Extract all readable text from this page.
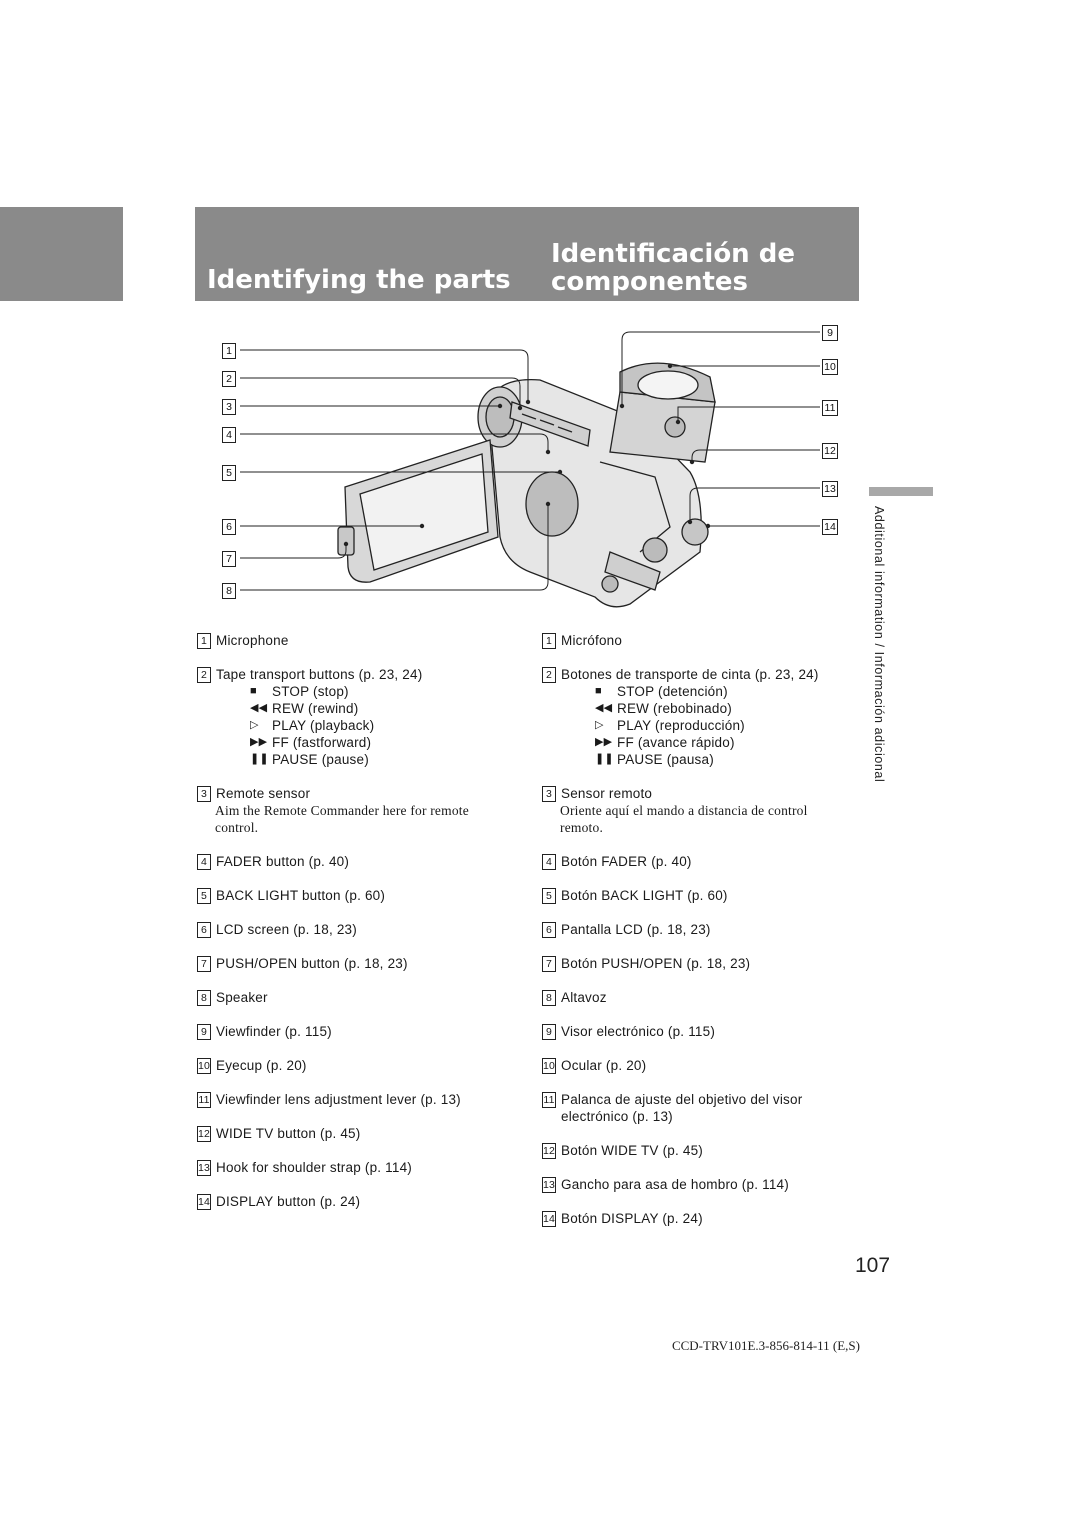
Identifying the parts
Identificación de componentes
Additional information / Información adicional
1
2
3
4
5
6
7
8
9
10
11
12
13
14
1 Microphone
2 Tape transport buttons (p. 23, 24)
■	STOP (stop)
◀◀ REW (rewind)
▷ PLAY (playback)
▶▶ FF (fastforward)
❚❚ PAUSE (pause)
3 Remote sensor
Aim the Remote Commander here for remote control.
4 FADER button (p. 40)
5 BACK LIGHT button (p. 60)
6 LCD screen (p. 18, 23)
7 PUSH/OPEN button (p. 18, 23)
8 Speaker
9 Viewfinder (p. 115)
10 Eyecup (p. 20)
11 Viewfinder lens adjustment lever (p. 13)
12 WIDE TV button (p. 45)
13 Hook for shoulder strap (p. 114)
14 DISPLAY button (p. 24)
1 Micrófono
2 Botones de transporte de cinta (p. 23, 24)
■	STOP (detención)
◀◀ REW (rebobinado)
▷ PLAY (reproducción)
▶▶ FF (avance rápido)
❚❚ PAUSE (pausa)
3 Sensor remoto
Oriente aquí el mando a distancia de control remoto.
4 Botón FADER (p. 40)
5 Botón BACK LIGHT (p. 60)
6 Pantalla LCD (p. 18, 23)
7 Botón PUSH/OPEN (p. 18, 23)
8 Altavoz
9 Visor electrónico (p. 115)
10 Ocular (p. 20)
11 Palanca de ajuste del objetivo del visor electrónico (p. 13)
12 Botón WIDE TV (p. 45)
13 Gancho para asa de hombro (p. 114)
14 Botón DISPLAY (p. 24)
107
CCD-TRV101E.3-856-814-11 (E,S)
